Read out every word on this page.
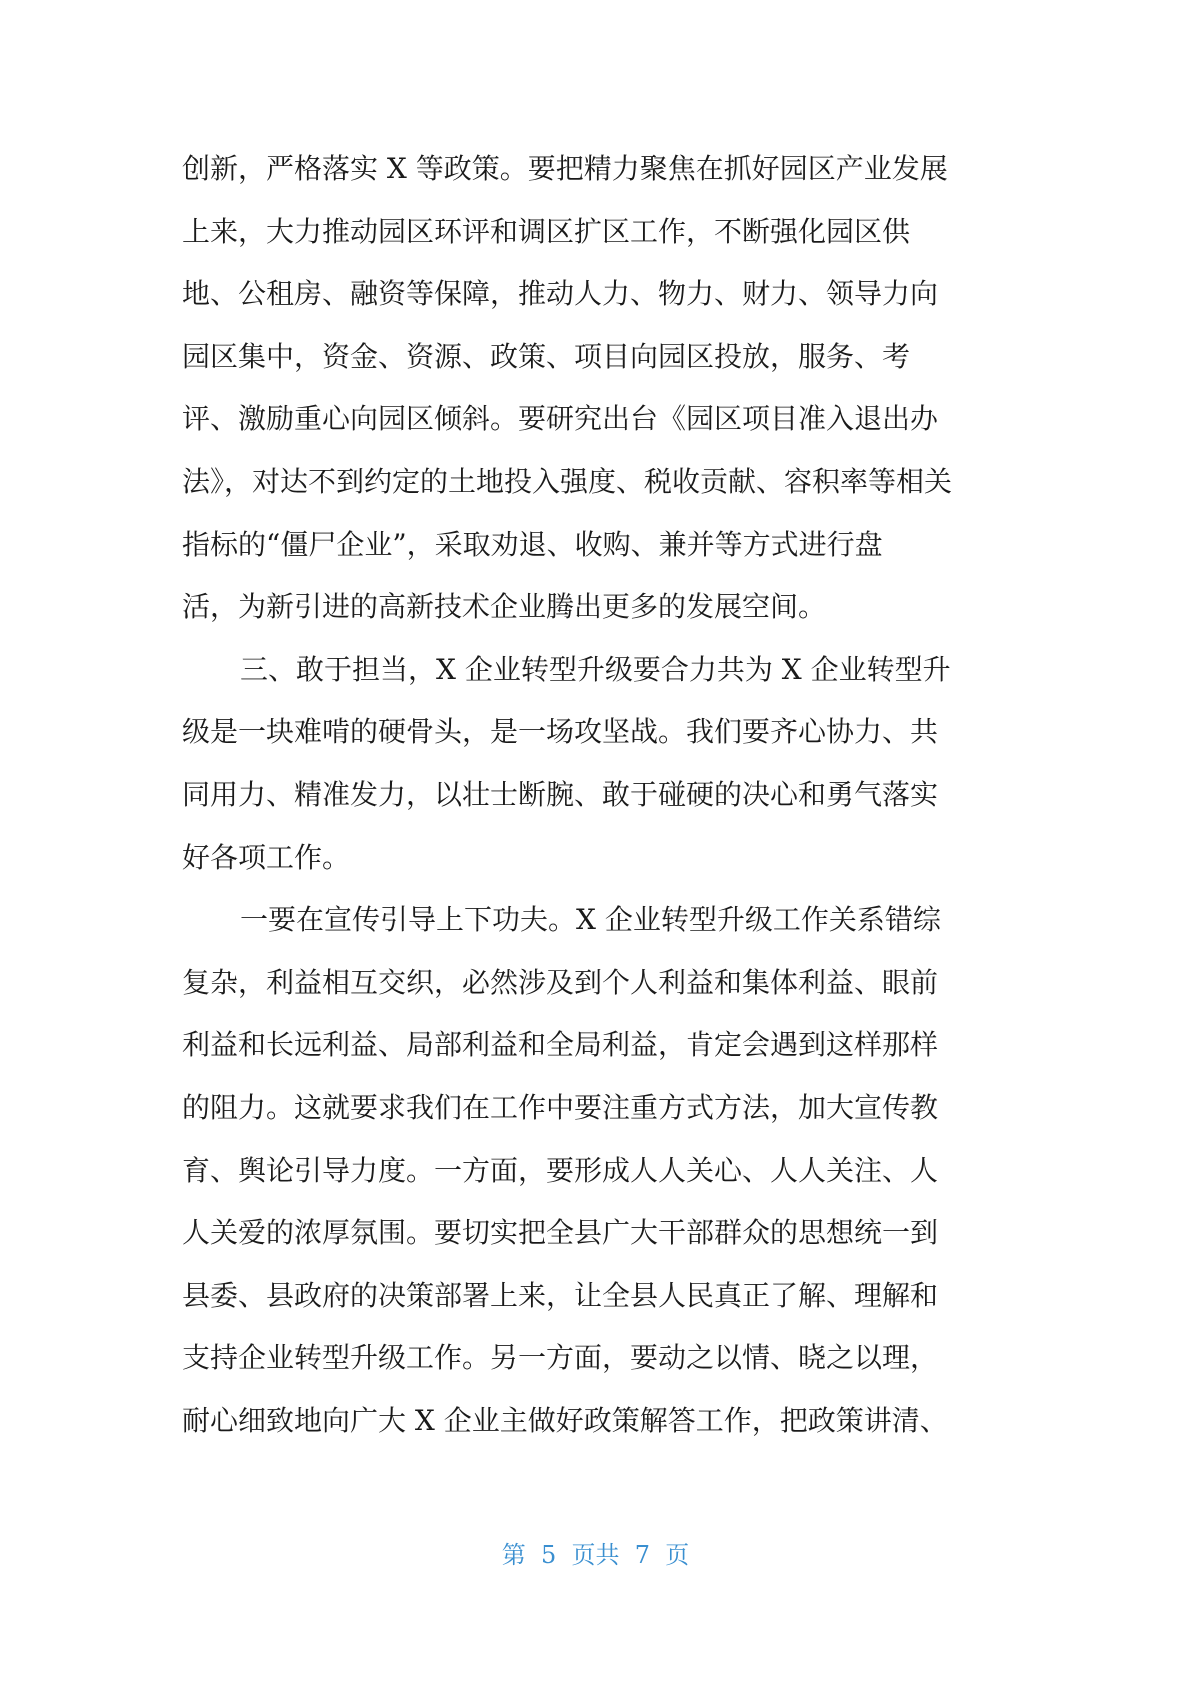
创新，严格落实 X 等政策。要把精力聚焦在抓好园区产业发展
上来，大力推动园区环评和调区扩区工作，不断强化园区供
地、公租房、融资等保障，推动人力、物力、财力、领导力向
园区集中，资金、资源、政策、项目向园区投放，服务、考
评、激励重心向园区倾斜。要研究出台《园区项目准入退出办
法》，对达不到约定的土地投入强度、税收贡献、容积率等相关
指标的“僵尸企业”，采取劝退、收购、兼并等方式进行盘
活，为新引进的高新技术企业腾出更多的发展空间。
三、敢于担当，X 企业转型升级要合力共为 X 企业转型升
级是一块难啃的硬骨头，是一场攻坚战。我们要齐心协力、共
同用力、精准发力，以壮士断腕、敢于碰硬的决心和勇气落实
好各项工作。
一要在宣传引导上下功夫。X 企业转型升级工作关系错综
复杂，利益相互交织，必然涉及到个人利益和集体利益、眼前
利益和长远利益、局部利益和全局利益，肯定会遇到这样那样
的阻力。这就要求我们在工作中要注重方式方法，加大宣传教
育、舆论引导力度。一方面，要形成人人关心、人人关注、人
人关爱的浓厚氛围。要切实把全县广大干部群众的思想统一到
县委、县政府的决策部署上来，让全县人民真正了解、理解和
支持企业转型升级工作。另一方面，要动之以情、晓之以理，
耐心细致地向广大 X 企业主做好政策解答工作，把政策讲清、
第  5  页共  7  页
